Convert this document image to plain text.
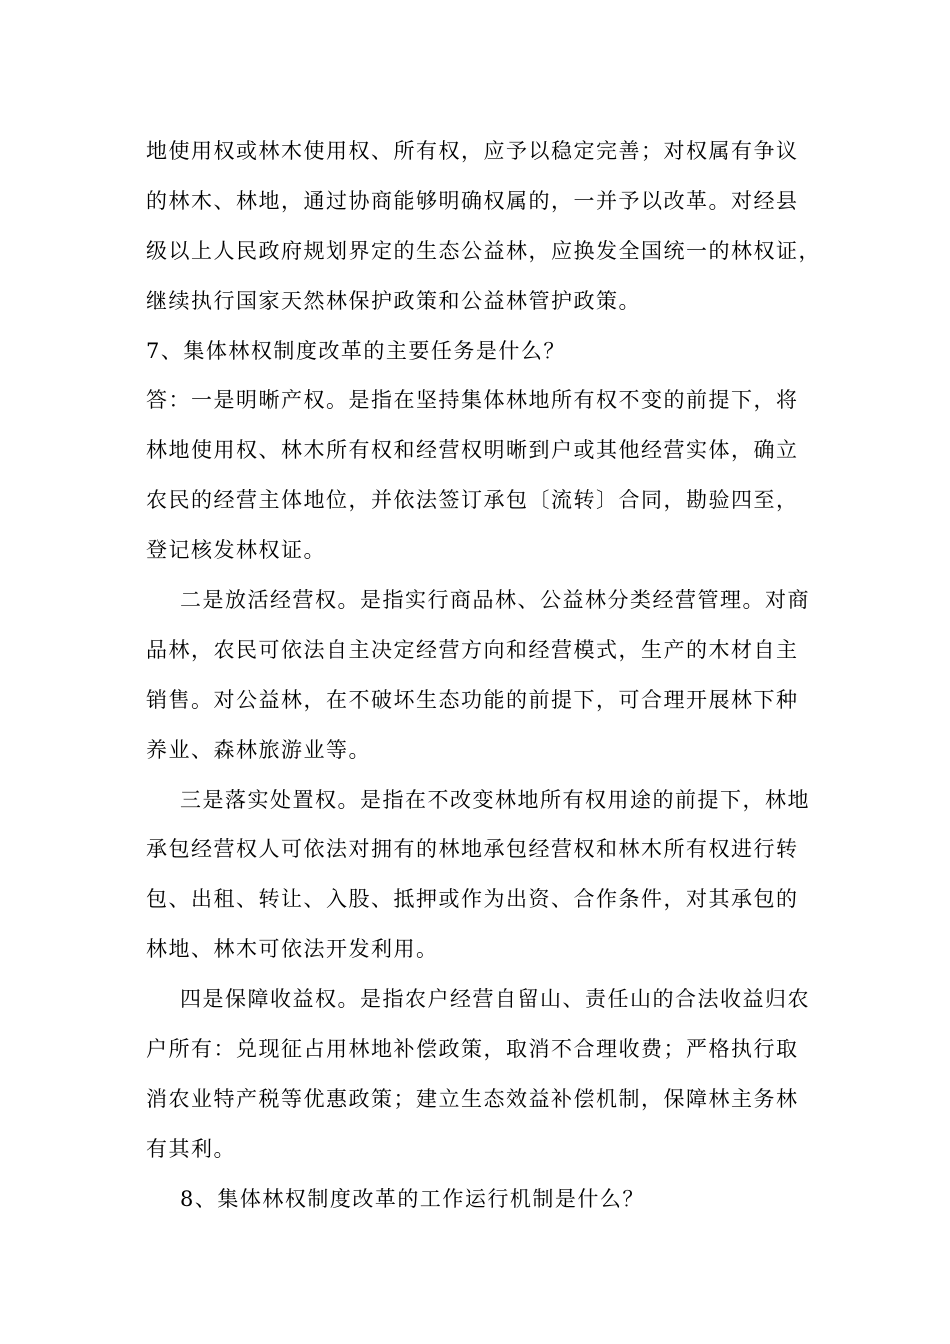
地使用权或林木使用权、所有权，应予以稳定完善；对权属有争议
的林木、林地，通过协商能够明确权属的，一并予以改革。对经县
级以上人民政府规划界定的生态公益林，应换发全国统一的林权证，
继续执行国家天然林保护政策和公益林管护政策。
7、集体林权制度改革的主要任务是什么？
答：一是明晰产权。是指在坚持集体林地所有权不变的前提下，将
林地使用权、林木所有权和经营权明晰到户或其他经营实体，确立
农民的经营主体地位，并依法签订承包〔流转〕合同，勘验四至，
登记核发林权证。
二是放活经营权。是指实行商品林、公益林分类经营管理。对商
品林，农民可依法自主决定经营方向和经营模式，生产的木材自主
销售。对公益林，在不破坏生态功能的前提下，可合理开展林下种
养业、森林旅游业等。
三是落实处置权。是指在不改变林地所有权用途的前提下，林地
承包经营权人可依法对拥有的林地承包经营权和林木所有权进行转
包、出租、转让、入股、抵押或作为出资、合作条件，对其承包的
林地、林木可依法开发利用。
四是保障收益权。是指农户经营自留山、责任山的合法收益归农
户所有：兑现征占用林地补偿政策，取消不合理收费；严格执行取
消农业特产税等优惠政策；建立生态效益补偿机制，保障林主务林
有其利。
8、集体林权制度改革的工作运行机制是什么？
